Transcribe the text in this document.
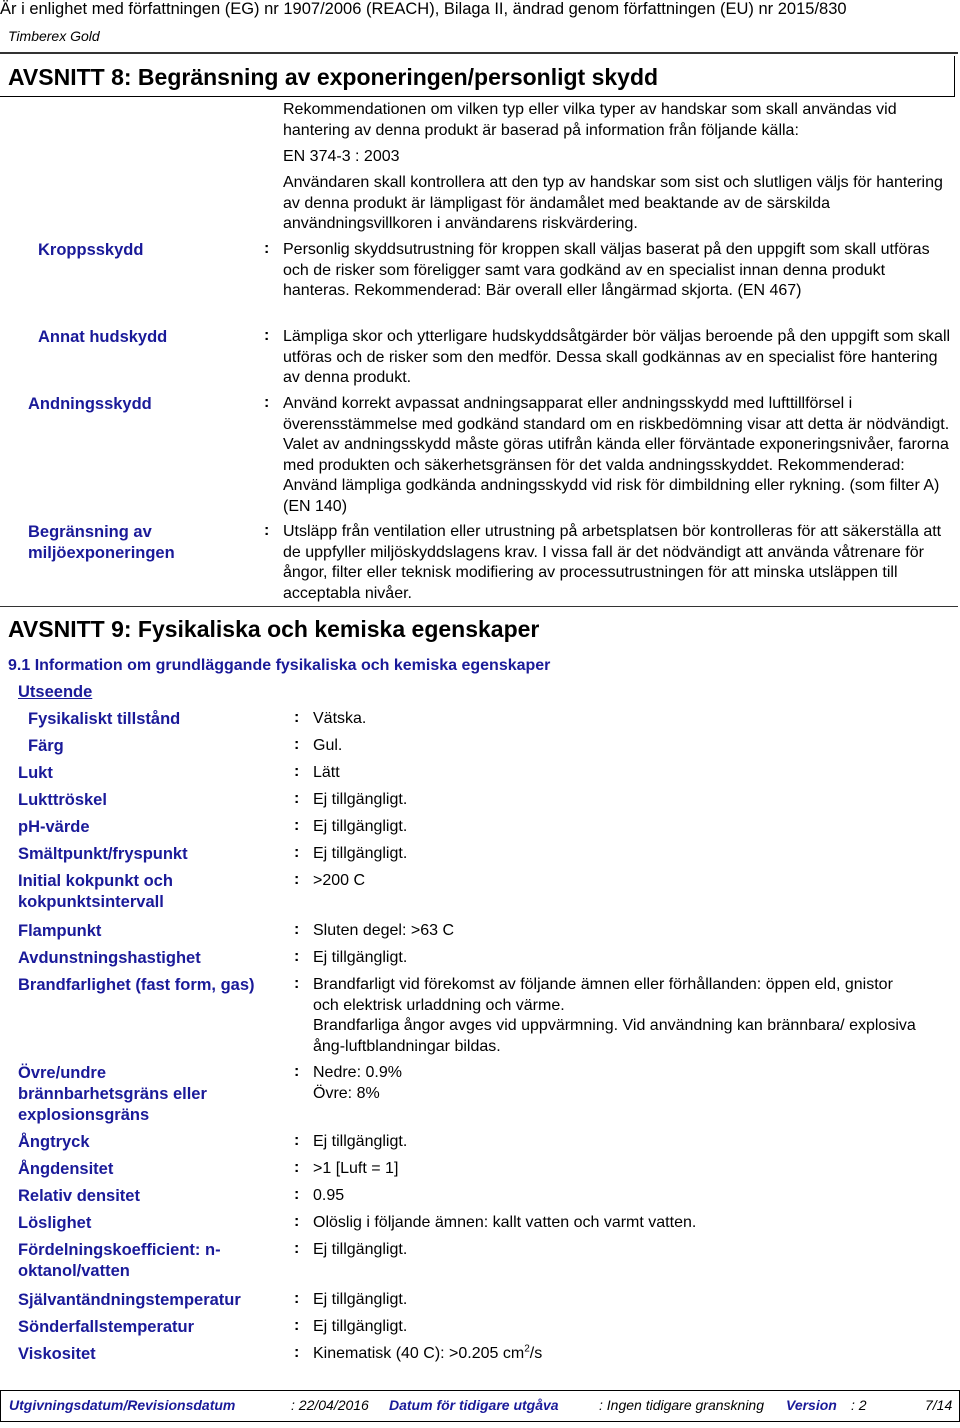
Är i enlighet med författningen (EG) nr 1907/2006 (REACH), Bilaga II, ändrad genom författningen (EU) nr 2015/830
Timberex Gold
AVSNITT 8: Begränsning av exponeringen/personligt skydd
Rekommendationen om vilken typ eller vilka typer av handskar som skall användas vid hantering av denna produkt är baserad på information från följande källa:
EN 374-3 : 2003
Användaren skall kontrollera att den typ av handskar som sist och slutligen väljs för hantering av denna produkt är lämpligast för ändamålet med beaktande av de särskilda användningsvillkoren i användarens riskvärdering.
Kroppsskydd	: Personlig skyddsutrustning för kroppen skall väljas baserat på den uppgift som skall utföras och de risker som föreligger samt vara godkänd av en specialist innan denna produkt hanteras. Rekommenderad: Bär overall eller långärmad skjorta. (EN 467)
Annat hudskydd	: Lämpliga skor och ytterligare hudskyddsåtgärder bör väljas beroende på den uppgift som skall utföras och de risker som den medför. Dessa skall godkännas av en specialist före hantering av denna produkt.
Andningsskydd	: Använd korrekt avpassat andningsapparat eller andningsskydd med lufttillförsel i överensstämmelse med godkänd standard om en riskbedömning visar att detta är nödvändigt. Valet av andningsskydd måste göras utifrån kända eller förväntade exponeringsnivåer, farorna med produkten och säkerhetsgränsen för det valda andningsskyddet. Rekommenderad: Använd lämpliga godkända andningsskydd vid risk för dimbildning eller rykning. (som filter A) (EN 140)
Begränsning av miljöexponeringen
: Utsläpp från ventilation eller utrustning på arbetsplatsen bör kontrolleras för att säkerställa att de uppfyller miljöskyddslagens krav. I vissa fall är det nödvändigt att använda våtrenare för ångor, filter eller teknisk modifiering av processutrustningen för att minska utsläppen till acceptabla nivåer.
AVSNITT 9: Fysikaliska och kemiska egenskaper
9.1 Information om grundläggande fysikaliska och kemiska egenskaper
Utseende
Fysikaliskt tillstånd	: Vätska.
Färg	: Gul.
Lukt	: Lätt
Lukttröskel	: Ej tillgängligt.
pH-värde	: Ej tillgängligt.
Smältpunkt/fryspunkt	: Ej tillgängligt.
Initial kokpunkt och kokpunktsintervall
: >200 C
Flampunkt	: Sluten degel: >63 C
Avdunstningshastighet	: Ej tillgängligt.
Brandfarlighet (fast form, gas)	: Brandfarligt vid förekomst av följande ämnen eller förhållanden: öppen eld, gnistor och elektrisk urladdning och värme.
Brandfarliga ångor avges vid uppvärmning. Vid användning kan brännbara/ explosiva ång-luftblandningar bildas.
Övre/undre brännbarhetsgräns eller explosionsgräns
: Nedre: 0.9%
Övre: 8%
Ångtryck	: Ej tillgängligt.
Ångdensitet	: >1 [Luft = 1]
Relativ densitet	: 0.95
Löslighet	: Olöslig i följande ämnen: kallt vatten och varmt vatten.
Fördelningskoefficient: n-oktanol/vatten
: Ej tillgängligt.
Självantändningstemperatur	: Ej tillgängligt.
Sönderfallstemperatur	: Ej tillgängligt.
Viskositet	: Kinematisk (40 C): >0.205 $cm^2/s$
Utgivningsdatum/Revisionsdatum	: 22/04/2016 Datum för tidigare utgåva	: Ingen tidigare granskning Version : 2	7/14
